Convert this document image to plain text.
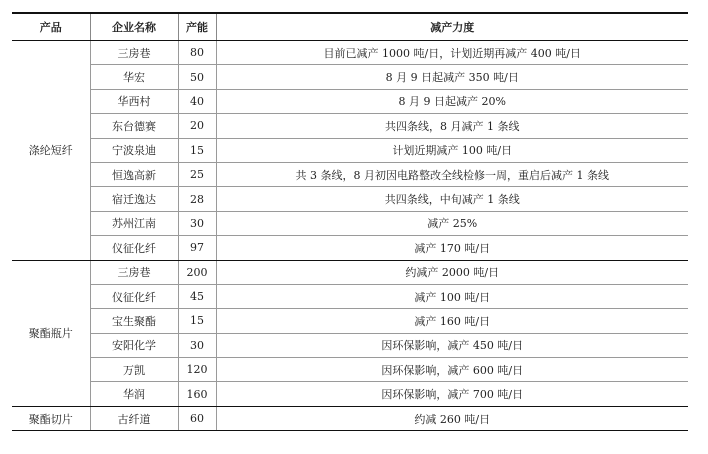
产品	企业名称	产能	减产力度
涤纶短纤	三房巷	80	目前已减产 1000 吨/日，计划近期再减产 400 吨/日
	华宏	50	8 月 9 日起减产 350 吨/日
	华西村	40	8 月 9 日起减产 20%
	东台德赛	20	共四条线，8 月减产 1 条线
	宁波泉迪	15	计划近期减产 100 吨/日
	恒逸高新	25	共 3 条线，8 月初因电路整改全线检修一周，重启后减产 1 条线
	宿迁逸达	28	共四条线，中旬减产 1 条线
	苏州江南	30	减产 25%
	仪征化纤	97	减产 170 吨/日
聚酯瓶片	三房巷	200	约减产 2000 吨/日
	仪征化纤	45	减产 100 吨/日
	宝生聚酯	15	减产 160 吨/日
	安阳化学	30	因环保影响，减产 450 吨/日
	万凯	120	因环保影响，减产 600 吨/日
	华润	160	因环保影响，减产 700 吨/日
聚酯切片	古纤道	60	约减 260 吨/日
